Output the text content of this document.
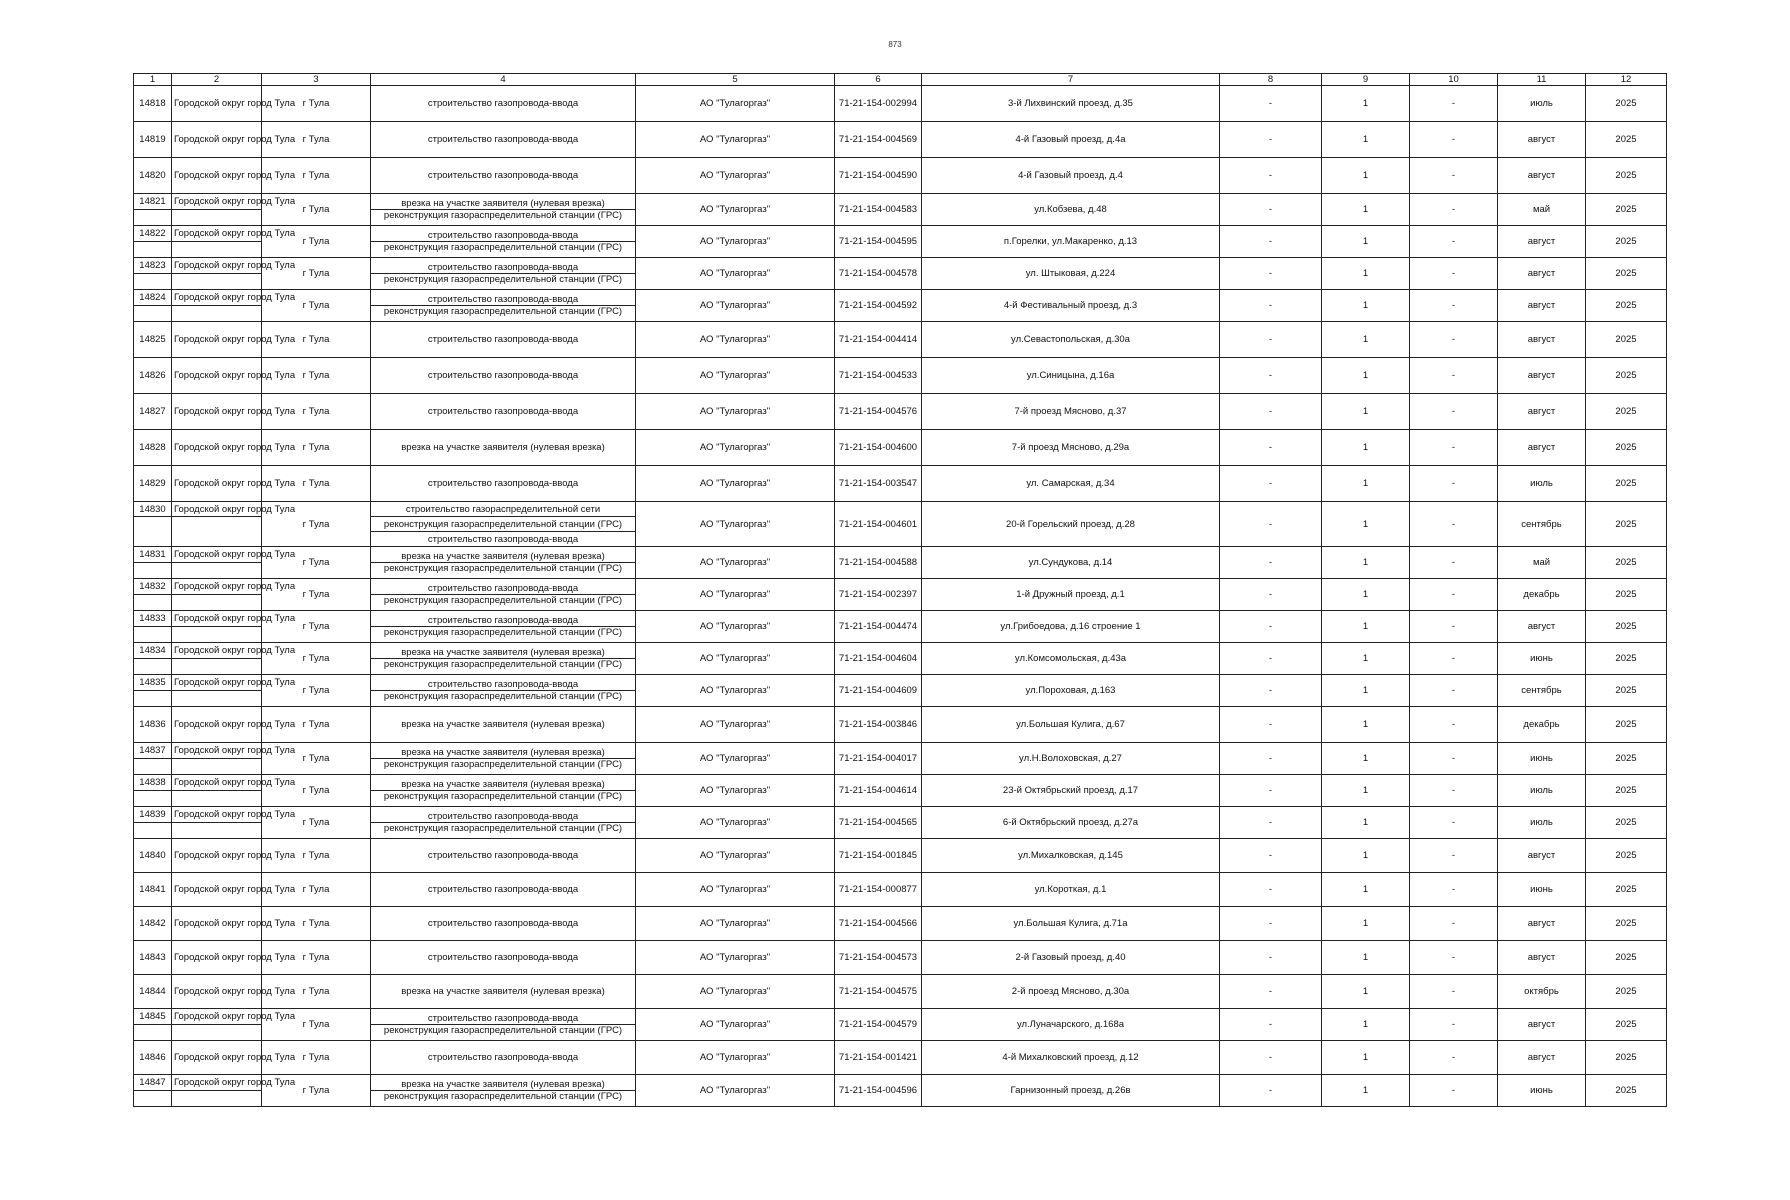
873
1	2	3	4	5	6	7	8	9	10	11	12
14818	Городской округ город Тула	г Тула	строительство газопровода-ввода	АО "Тулагоргаз"	71-21-154-002994	3-й Лихвинский проезд, д.35	-	1	-	июль	2025
14819	Городской округ город Тула	г Тула	строительство газопровода-ввода	АО "Тулагоргаз"	71-21-154-004569	4-й Газовый проезд, д.4а	-	1	-	август	2025
14820	Городской округ город Тула	г Тула	строительство газопровода-ввода	АО "Тулагоргаз"	71-21-154-004590	4-й Газовый проезд, д.4	-	1	-	август	2025
14821	Городской округ город Тула	г Тула	врезка на участке заявителя (нулевая врезка)	АО "Тулагоргаз"	71-21-154-004583	ул.Кобзева, д.48	-	1	-	май	2025
			реконструкция газораспределительной станции (ГРС)								
14822	Городской округ город Тула	г Тула	строительство газопровода-ввода	АО "Тулагоргаз"	71-21-154-004595	п.Горелки, ул.Макаренко, д.13	-	1	-	август	2025
			реконструкция газораспределительной станции (ГРС)								
14823	Городской округ город Тула	г Тула	строительство газопровода-ввода	АО "Тулагоргаз"	71-21-154-004578	ул. Штыковая, д.224	-	1	-	август	2025
			реконструкция газораспределительной станции (ГРС)								
14824	Городской округ город Тула	г Тула	строительство газопровода-ввода	АО "Тулагоргаз"	71-21-154-004592	4-й Фестивальный проезд, д.3	-	1	-	август	2025
			реконструкция газораспределительной станции (ГРС)								
14825	Городской округ город Тула	г Тула	строительство газопровода-ввода	АО "Тулагоргаз"	71-21-154-004414	ул.Севастопольская, д.30а	-	1	-	август	2025
14826	Городской округ город Тула	г Тула	строительство газопровода-ввода	АО "Тулагоргаз"	71-21-154-004533	ул.Синицына, д.16а	-	1	-	август	2025
14827	Городской округ город Тула	г Тула	строительство газопровода-ввода	АО "Тулагоргаз"	71-21-154-004576	7-й проезд Мясново, д.37	-	1	-	август	2025
14828	Городской округ город Тула	г Тула	врезка на участке заявителя (нулевая врезка)	АО "Тулагоргаз"	71-21-154-004600	7-й проезд Мясново, д.29а	-	1	-	август	2025
14829	Городской округ город Тула	г Тула	строительство газопровода-ввода	АО "Тулагоргаз"	71-21-154-003547	ул. Самарская, д.34	-	1	-	июль	2025
14830	Городской округ город Тула	г Тула	строительство газораспределительной сети	АО "Тулагоргаз"	71-21-154-004601	20-й Горельский проезд, д.28	-	1	-	сентябрь	2025
			реконструкция газораспределительной станции (ГРС)								
			строительство газопровода-ввода								
14831	Городской округ город Тула	г Тула	врезка на участке заявителя (нулевая врезка)	АО "Тулагоргаз"	71-21-154-004588	ул.Сундукова, д.14	-	1	-	май	2025
			реконструкция газораспределительной станции (ГРС)								
14832	Городской округ город Тула	г Тула	строительство газопровода-ввода	АО "Тулагоргаз"	71-21-154-002397	1-й Дружный проезд, д.1	-	1	-	декабрь	2025
			реконструкция газораспределительной станции (ГРС)								
14833	Городской округ город Тула	г Тула	строительство газопровода-ввода	АО "Тулагоргаз"	71-21-154-004474	ул.Грибоедова, д.16 строение 1	-	1	-	август	2025
			реконструкция газораспределительной станции (ГРС)								
14834	Городской округ город Тула	г Тула	врезка на участке заявителя (нулевая врезка)	АО "Тулагоргаз"	71-21-154-004604	ул.Комсомольская, д.43а	-	1	-	июнь	2025
			реконструкция газораспределительной станции (ГРС)								
14835	Городской округ город Тула	г Тула	строительство газопровода-ввода	АО "Тулагоргаз"	71-21-154-004609	ул.Пороховая, д.163	-	1	-	сентябрь	2025
			реконструкция газораспределительной станции (ГРС)								
14836	Городской округ город Тула	г Тула	врезка на участке заявителя (нулевая врезка)	АО "Тулагоргаз"	71-21-154-003846	ул.Большая Кулига, д.67	-	1	-	декабрь	2025
14837	Городской округ город Тула	г Тула	врезка на участке заявителя (нулевая врезка)	АО "Тулагоргаз"	71-21-154-004017	ул.Н.Волоховская, д.27	-	1	-	июнь	2025
			реконструкция газораспределительной станции (ГРС)								
14838	Городской округ город Тула	г Тула	врезка на участке заявителя (нулевая врезка)	АО "Тулагоргаз"	71-21-154-004614	23-й Октябрьский проезд, д.17	-	1	-	июль	2025
			реконструкция газораспределительной станции (ГРС)								
14839	Городской округ город Тула	г Тула	строительство газопровода-ввода	АО "Тулагоргаз"	71-21-154-004565	6-й Октябрьский проезд, д.27а	-	1	-	июль	2025
			реконструкция газораспределительной станции (ГРС)								
14840	Городской округ город Тула	г Тула	строительство газопровода-ввода	АО "Тулагоргаз"	71-21-154-001845	ул.Михалковская, д.145	-	1	-	август	2025
14841	Городской округ город Тула	г Тула	строительство газопровода-ввода	АО "Тулагоргаз"	71-21-154-000877	ул.Короткая, д.1	-	1	-	июнь	2025
14842	Городской округ город Тула	г Тула	строительство газопровода-ввода	АО "Тулагоргаз"	71-21-154-004566	ул.Большая Кулига, д.71а	-	1	-	август	2025
14843	Городской округ город Тула	г Тула	строительство газопровода-ввода	АО "Тулагоргаз"	71-21-154-004573	2-й Газовый проезд, д.40	-	1	-	август	2025
14844	Городской округ город Тула	г Тула	врезка на участке заявителя (нулевая врезка)	АО "Тулагоргаз"	71-21-154-004575	2-й проезд Мясново, д.30а	-	1	-	октябрь	2025
14845	Городской округ город Тула	г Тула	строительство газопровода-ввода	АО "Тулагоргаз"	71-21-154-004579	ул.Луначарского, д.168а	-	1	-	август	2025
			реконструкция газораспределительной станции (ГРС)								
14846	Городской округ город Тула	г Тула	строительство газопровода-ввода	АО "Тулагоргаз"	71-21-154-001421	4-й Михалковский проезд, д.12	-	1	-	август	2025
14847	Городской округ город Тула	г Тула	врезка на участке заявителя (нулевая врезка)	АО "Тулагоргаз"	71-21-154-004596	Гарнизонный проезд, д.26в	-	1	-	июнь	2025
			реконструкция газораспределительной станции (ГРС)								
